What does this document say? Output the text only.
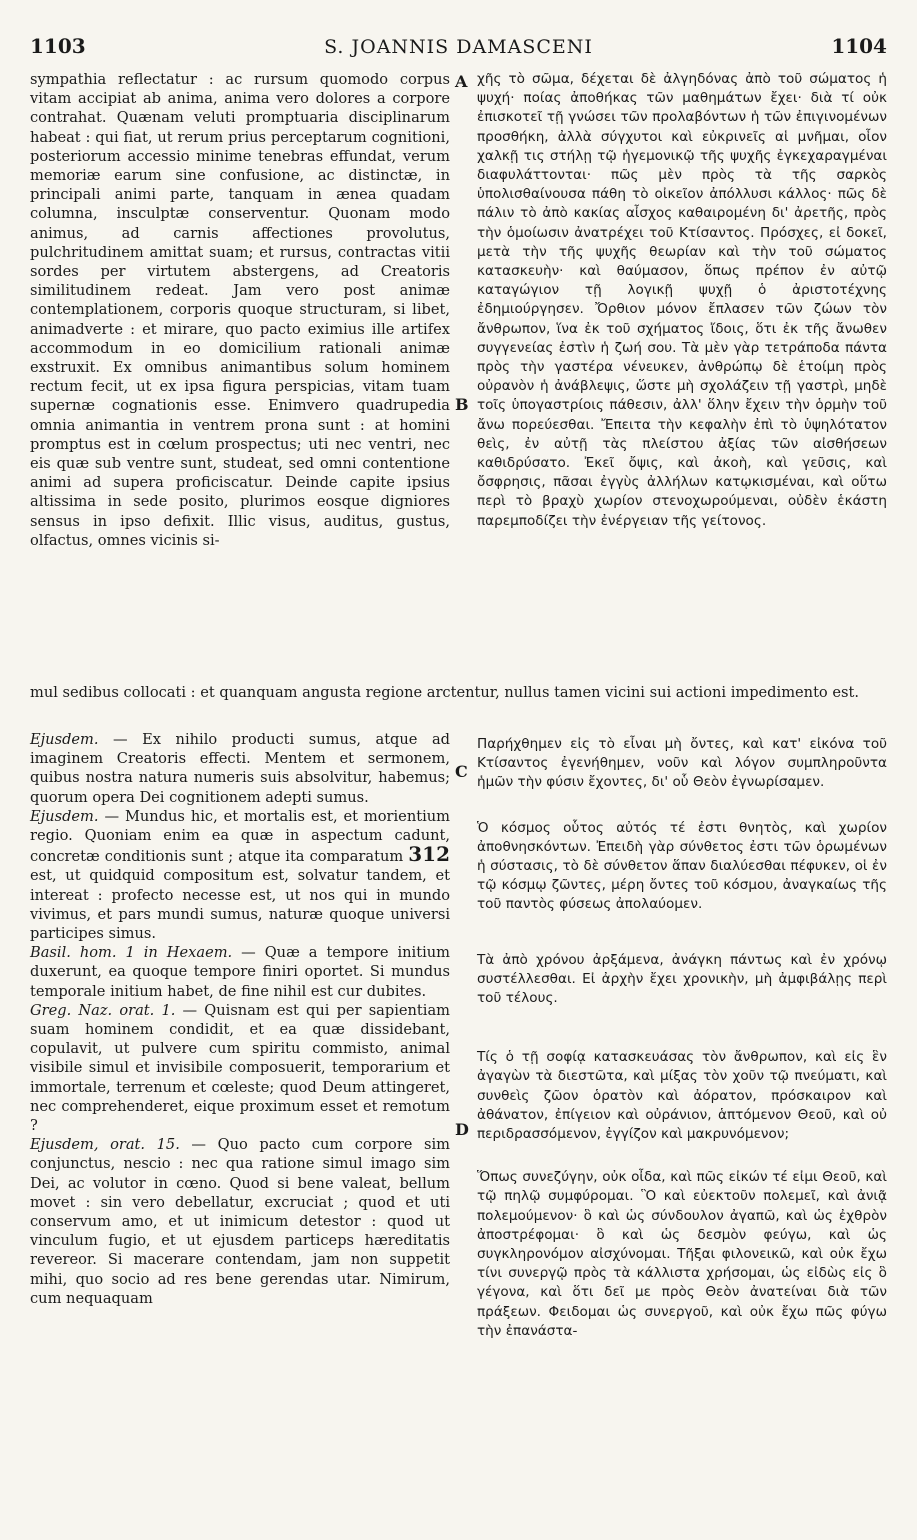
1103	S. JOANNIS DAMASCENI	1104
A
B
C
D

sympathia reflectatur : ac rursum quomodo corpus vitam accipiat ab anima, anima vero dolores a corpore contrahat. Quænam veluti promptuaria disciplinarum habeat : qui fiat, ut rerum prius perceptarum cognitioni, posteriorum accessio minime tenebras effundat, verum memoriæ earum sine confusione, ac distinctæ, in principali animi parte, tanquam in ænea quadam columna, insculptæ conserventur. Quonam modo animus, ad carnis affectiones provolutus, pulchritudinem amittat suam; et rursus, contractas vitii sordes per virtutem abstergens, ad Creatoris similitudinem redeat. Jam vero post animæ contemplationem, corporis quoque structuram, si libet, animadverte : et mirare, quo pacto eximius ille artifex accommodum in eo domicilium rationali animæ exstruxit. Ex omnibus animantibus solum hominem rectum fecit, ut ex ipsa figura perspicias, vitam tuam supernæ cognationis esse. Enimvero quadrupedia omnia animantia in ventrem prona sunt : at homini promptus est in cœlum prospectus; uti nec ventri, nec eis quæ sub ventre sunt, studeat, sed omni contentione animi ad supera proficiscatur. Deinde capite ipsius altissima in sede posito, plurimos eosque digniores sensus in ipso defixit. Illic visus, auditus, gustus, olfactus, omnes vicinis si-

χῆς τὸ σῶμα, δέχεται δὲ ἀλγηδόνας ἀπὸ τοῦ σώματος ἡ ψυχή· ποίας ἀποθήκας τῶν μαθημάτων ἔχει· διὰ τί οὐκ ἐπισκοτεῖ τῇ γνώσει τῶν προλαβόντων ἡ τῶν ἐπιγινομένων προσθήκη, ἀλλὰ σύγχυτοι καὶ εὐκρινεῖς αἱ μνῆμαι, οἷον χαλκῇ τις στήλῃ τῷ ἡγεμονικῷ τῆς ψυχῆς ἐγκεχαραγμέναι διαφυλάττονται· πῶς μὲν πρὸς τὰ τῆς σαρκὸς ὑπολισθαίνουσα πάθη τὸ οἰκεῖον ἀπόλλυσι κάλλος· πῶς δὲ πάλιν τὸ ἀπὸ κακίας αἶσχος καθαιρομένη δι' ἀρετῆς, πρὸς τὴν ὁμοίωσιν ἀνατρέχει τοῦ Κτίσαντος. Πρόσχες, εἰ δοκεῖ, μετὰ τὴν τῆς ψυχῆς θεωρίαν καὶ τὴν τοῦ σώματος κατασκευὴν· καὶ θαύμασον, ὅπως πρέπον ἐν αὐτῷ καταγώγιον τῇ λογικῇ ψυχῇ ὁ ἀριστοτέχνης ἐδημιούργησεν. Ὄρθιον μόνον ἔπλασεν τῶν ζώων τὸν ἄνθρωπον, ἵνα ἐκ τοῦ σχήματος ἴδοις, ὅτι ἐκ τῆς ἄνωθεν συγγενείας ἐστὶν ἡ ζωή σου. Τὰ μὲν γὰρ τετράποδα πάντα πρὸς τὴν γαστέρα νένευκεν, ἀνθρώπῳ δὲ ἑτοίμη πρὸς οὐρανὸν ἡ ἀνάβλεψις, ὥστε μὴ σχολάζειν τῇ γαστρὶ, μηδὲ τοῖς ὑπογαστρίοις πάθεσιν, ἀλλ' ὅλην ἔχειν τὴν ὁρμὴν τοῦ ἄνω πορεύεσθαι. Ἔπειτα τὴν κεφαλὴν ἐπὶ τὸ ὑψηλότατον θεὶς, ἐν αὐτῇ τὰς πλείστου ἀξίας τῶν αἰσθήσεων καθιδρύσατο. Ἐκεῖ ὄψις, καὶ ἀκοὴ, καὶ γεῦσις, καὶ ὄσφρησις, πᾶσαι ἐγγὺς ἀλλήλων κατῳκισμέναι, καὶ οὕτω περὶ τὸ βραχὺ χωρίον στενοχωρούμεναι, οὐδὲν ἑκάστη παρεμποδίζει τὴν ἐνέργειαν τῆς γείτονος.

mul sedibus collocati : et quanquam angusta regione arctentur, nullus tamen vicini sui actioni impedimento est.

Ejusdem. — Ex nihilo producti sumus, atque ad imaginem Creatoris effecti. Mentem et sermonem, quibus nostra natura numeris suis absolvitur, habemus; quorum opera Dei cognitionem adepti sumus.

Ejusdem. — Mundus hic, et mortalis est, et morientium regio. Quoniam enim ea quæ in aspectum cadunt, concretæ conditionis sunt ; atque ita comparatum 312 est, ut quidquid compositum est, solvatur tandem, et intereat : profecto necesse est, ut nos qui in mundo vivimus, et pars mundi sumus, naturæ quoque universi participes simus.

Basil. hom. 1 in Hexaem. — Quæ a tempore initium duxerunt, ea quoque tempore finiri oportet. Si mundus temporale initium habet, de fine nihil est cur dubites.

Greg. Naz. orat. 1. — Quisnam est qui per sapientiam suam hominem condidit, et ea quæ dissidebant, copulavit, ut pulvere cum spiritu commisto, animal visibile simul et invisibile composuerit, temporarium et immortale, terrenum et cœleste; quod Deum attingeret, nec comprehenderet, eique proximum esset et remotum ?

Ejusdem, orat. 15. — Quo pacto cum corpore sim conjunctus, nescio : nec qua ratione simul imago sim Dei, ac volutor in cœno. Quod si bene valeat, bellum movet : sin vero debellatur, excruciat ; quod et uti conservum amo, et ut inimicum detestor : quod ut vinculum fugio, et ut ejusdem particeps hæreditatis revereor. Si macerare contendam, jam non suppetit mihi, quo socio ad res bene gerendas utar. Nimirum, cum nequaquam

Παρήχθημεν εἰς τὸ εἶναι μὴ ὄντες, καὶ κατ' εἰκόνα τοῦ Κτίσαντος ἐγενήθημεν, νοῦν καὶ λόγον συμπληροῦντα ἡμῶν τὴν φύσιν ἔχοντες, δι' οὗ Θεὸν ἐγνωρίσαμεν.

Ὁ κόσμος οὗτος αὐτός τέ ἐστι θνητὸς, καὶ χωρίον ἀποθνησκόντων. Ἐπειδὴ γὰρ σύνθετος ἐστι τῶν ὁρωμένων ἡ σύστασις, τὸ δὲ σύνθετον ἅπαν διαλύεσθαι πέφυκεν, οἱ ἐν τῷ κόσμῳ ζῶντες, μέρη ὄντες τοῦ κόσμου, ἀναγκαίως τῆς τοῦ παντὸς φύσεως ἀπολαύομεν.

Τὰ ἀπὸ χρόνου ἀρξάμενα, ἀνάγκη πάντως καὶ ἐν χρόνῳ συστέλλεσθαι. Εἰ ἀρχὴν ἔχει χρονικὴν, μὴ ἀμφιβάλῃς περὶ τοῦ τέλους.

Τίς ὁ τῇ σοφίᾳ κατασκευάσας τὸν ἄνθρωπον, καὶ εἰς ἓν ἀγαγὼν τὰ διεστῶτα, καὶ μίξας τὸν χοῦν τῷ πνεύματι, καὶ συνθεὶς ζῶον ὁρατὸν καὶ ἀόρατον, πρόσκαιρον καὶ ἀθάνατον, ἐπίγειον καὶ οὐράνιον, ἁπτόμενον Θεοῦ, καὶ οὐ περιδρασσόμενον, ἐγγίζον καὶ μακρυνόμενον;

Ὅπως συνεζύγην, οὐκ οἶδα, καὶ πῶς εἰκών τέ εἰμι Θεοῦ, καὶ τῷ πηλῷ συμφύρομαι. Ὃ καὶ εὐεκτοῦν πολεμεῖ, καὶ ἀνιᾷ πολεμούμενον· ὃ καὶ ὡς σύνδουλον ἀγαπῶ, καὶ ὡς ἐχθρὸν ἀποστρέφομαι· ὃ καὶ ὡς δεσμὸν φεύγω, καὶ ὡς συγκληρονόμον αἰσχύνομαι. Τῆξαι φιλονεικῶ, καὶ οὐκ ἔχω τίνι συνεργῷ πρὸς τὰ κάλλιστα χρήσομαι, ὡς εἰδὼς εἰς ὃ γέγονα, καὶ ὅτι δεῖ με πρὸς Θεὸν ἀνατείναι διὰ τῶν πράξεων. Φειδομαι ὡς συνεργοῦ, καὶ οὐκ ἔχω πῶς φύγω τὴν ἐπανάστα-
